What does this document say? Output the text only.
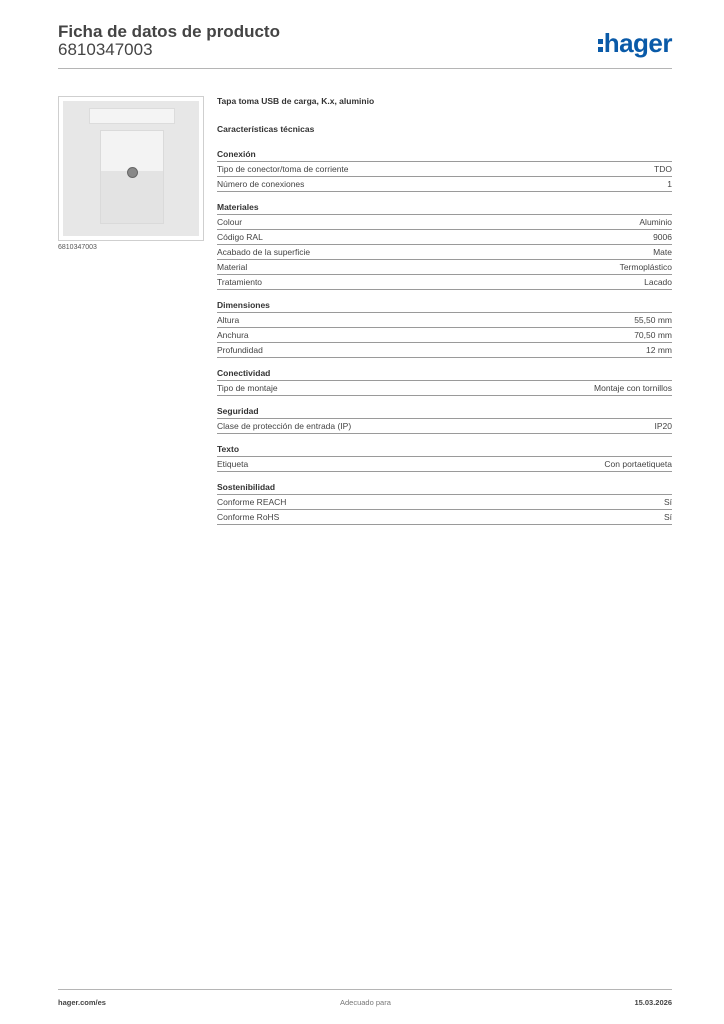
Ficha de datos de producto
6810347003	hager
6810347003
Tapa toma USB de carga, K.x, aluminio
Características técnicas
Conexión
Tipo de conector/toma de corriente	TDO
Número de conexiones	1
Materiales
Colour	Aluminio
Código RAL	9006
Acabado de la superficie	Mate
Material	Termoplástico
Tratamiento	Lacado
Dimensiones
Altura	55,50 mm
Anchura	70,50 mm
Profundidad	12 mm
Conectividad
Tipo de montaje	Montaje con tornillos
Seguridad
Clase de protección de entrada (IP)	IP20
Texto
Etiqueta	Con portaetiqueta
Sostenibilidad
Conforme REACH	Sí
Conforme RoHS	Sí
hager.com/es	Adecuado para	15.03.2026
